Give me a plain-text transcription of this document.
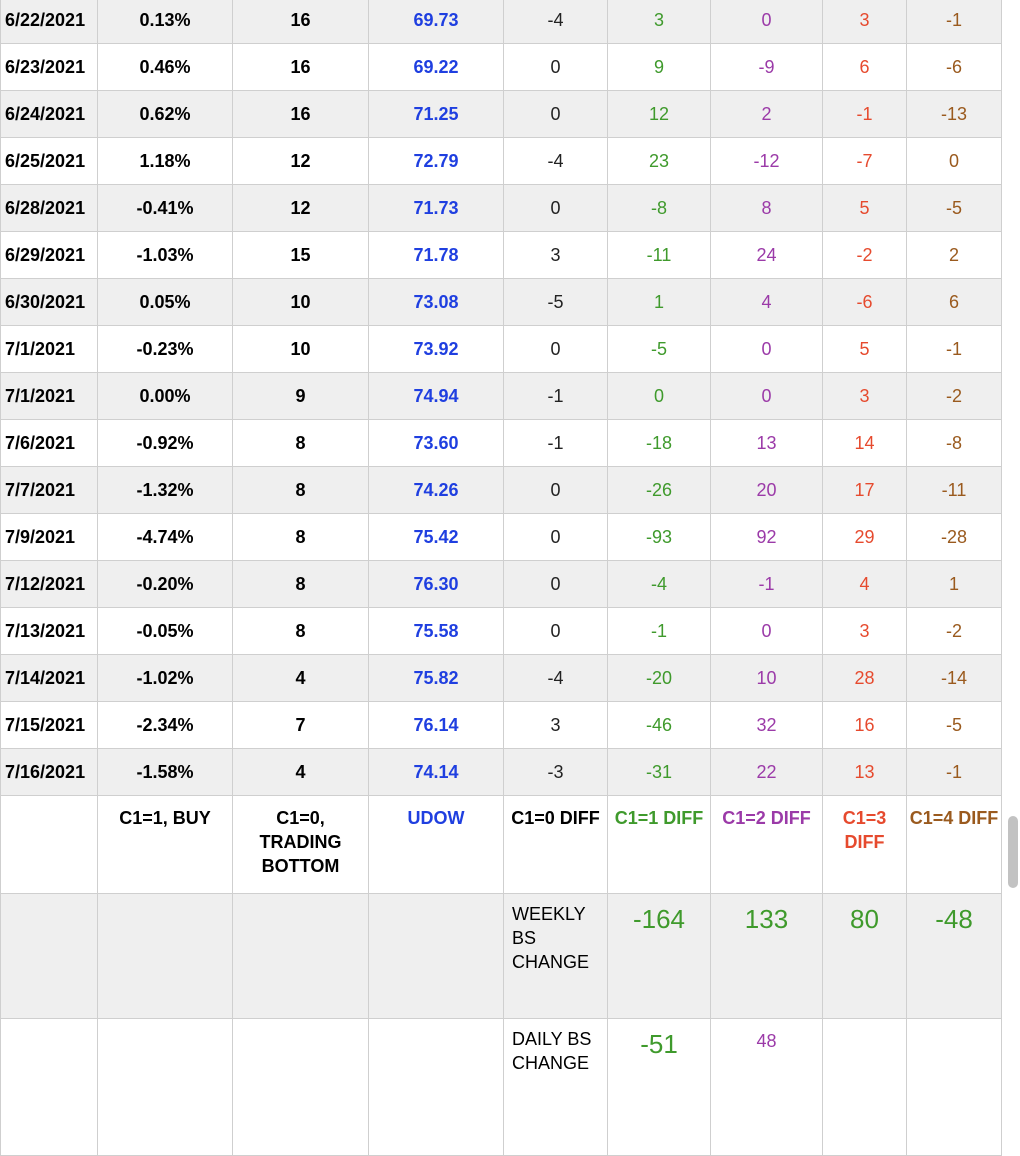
6/22/2021	0.13%	16	69.73	-4	3	0	3	-1
6/23/2021	0.46%	16	69.22	0	9	-9	6	-6
6/24/2021	0.62%	16	71.25	0	12	2	-1	-13
6/25/2021	1.18%	12	72.79	-4	23	-12	-7	0
6/28/2021	-0.41%	12	71.73	0	-8	8	5	-5
6/29/2021	-1.03%	15	71.78	3	-11	24	-2	2
6/30/2021	0.05%	10	73.08	-5	1	4	-6	6
7/1/2021	-0.23%	10	73.92	0	-5	0	5	-1
7/1/2021	0.00%	9	74.94	-1	0	0	3	-2
7/6/2021	-0.92%	8	73.60	-1	-18	13	14	-8
7/7/2021	-1.32%	8	74.26	0	-26	20	17	-11
7/9/2021	-4.74%	8	75.42	0	-93	92	29	-28
7/12/2021	-0.20%	8	76.30	0	-4	-1	4	1
7/13/2021	-0.05%	8	75.58	0	-1	0	3	-2
7/14/2021	-1.02%	4	75.82	-4	-20	10	28	-14
7/15/2021	-2.34%	7	76.14	3	-46	32	16	-5
7/16/2021	-1.58%	4	74.14	-3	-31	22	13	-1
	C1=1, BUY	C1=0, TRADING BOTTOM	UDOW	C1=0 DIFF	C1=1 DIFF	C1=2 DIFF	C1=3 DIFF	C1=4 DIFF
				WEEKLY BS CHANGE	-164	133	80	-48
				DAILY BS CHANGE	-51	48		
